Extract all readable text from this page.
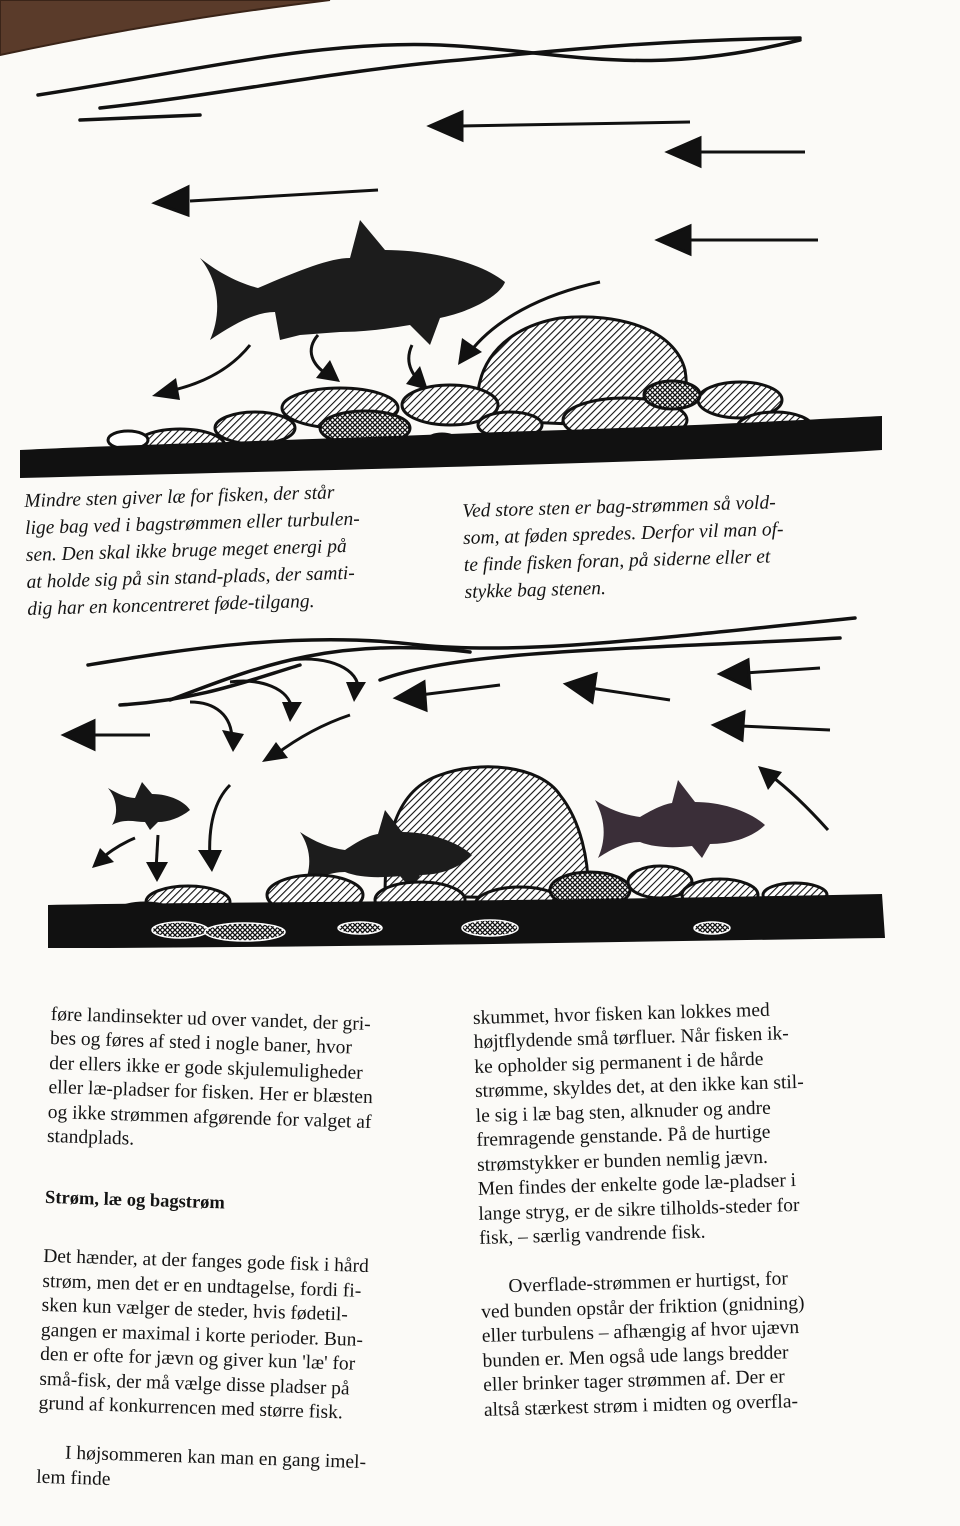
Mindre sten giver læ for fisken, der står
lige bag ved i bagstrømmen eller turbulen-
sen. Den skal ikke bruge meget energi på
at holde sig på sin stand-plads, der samti-
dig har en koncentreret føde-tilgang.
Ved store sten er bag-strømmen så vold-
som, at føden spredes. Derfor vil man of-
te finde fisken foran, på siderne eller et
stykke bag stenen.

føre landinsekter ud over vandet, der gri-
bes og føres af sted i nogle baner, hvor
der ellers ikke er gode skjulemuligheder
eller læ-pladser for fisken. Her er blæsten
og ikke strømmen afgørende for valget af
standplads.

Strøm, læ og bagstrøm

Det hænder, at der fanges gode fisk i hård
strøm, men det er en undtagelse, fordi fi-
sken kun vælger de steder, hvis fødetil-
gangen er maximal i korte perioder. Bun-
den er ofte for jævn og giver kun 'læ' for
små-fisk, der må vælge disse pladser på
grund af konkurrencen med større fisk.

I højsommeren kan man en gang imel-
lem finde

skummet, hvor fisken kan lokkes med
højtflydende små tørfluer. Når fisken ik-
ke opholder sig permanent i de hårde
strømme, skyldes det, at den ikke kan stil-
le sig i læ bag sten, alknuder og andre
fremragende genstande. På de hurtige
strømstykker er bunden nemlig jævn.
Men findes der enkelte gode læ-pladser i
lange stryg, er de sikre tilholds-steder for
fisk, – særlig vandrende fisk.

Overflade-strømmen er hurtigst, for
ved bunden opstår der friktion (gnidning)
eller turbulens – afhængig af hvor ujævn
bunden er. Men også ude langs bredder
eller brinker tager strømmen af. Der er
altså stærkest strøm i midten og overfla-
